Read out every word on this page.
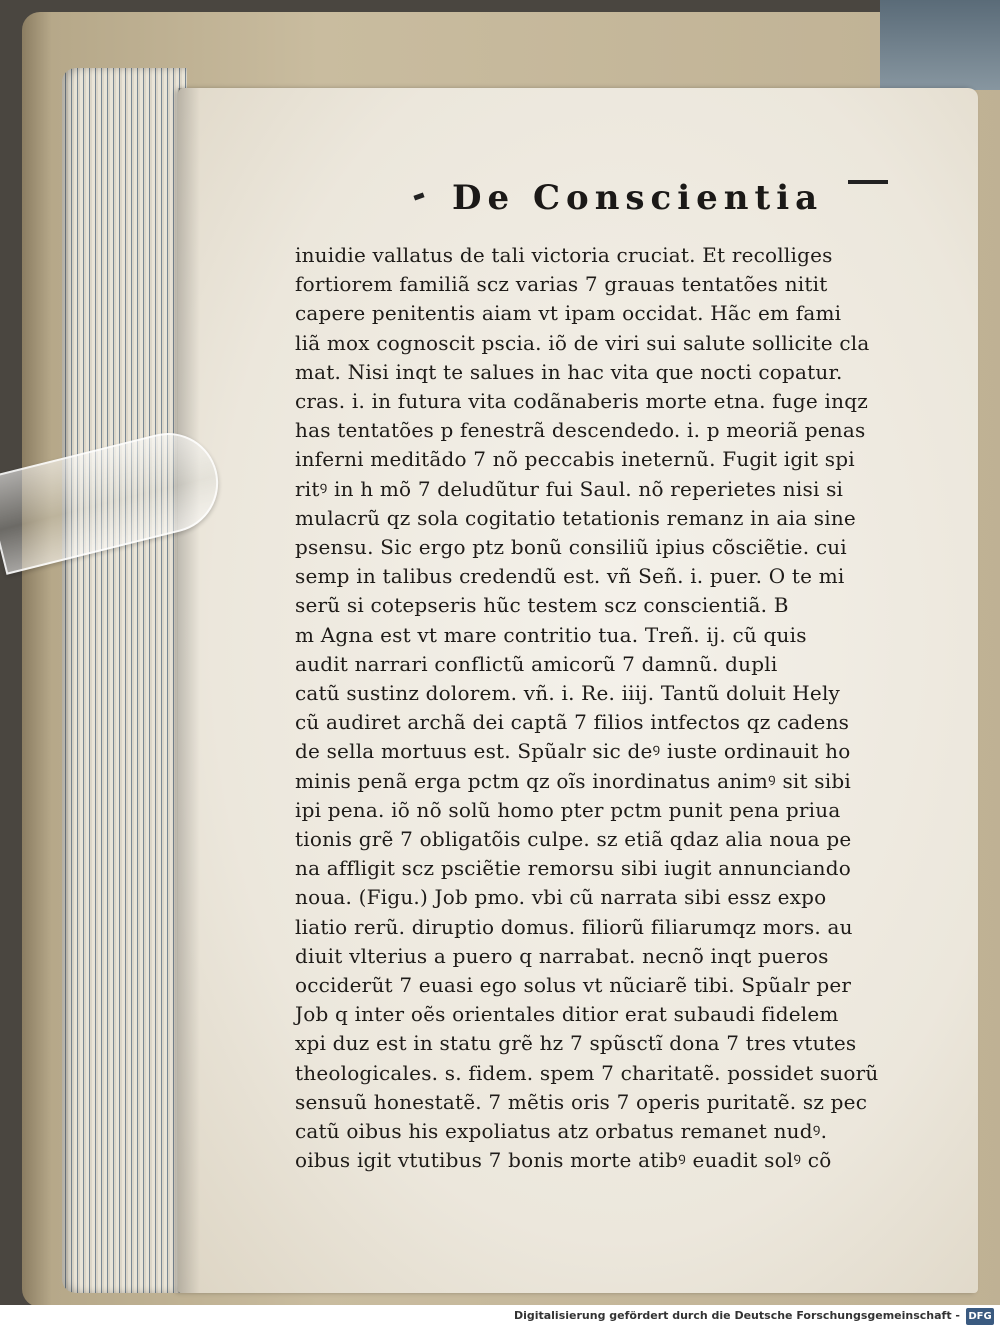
De Conscientia
inuidie vallatus de tali victoria cruciat. Et recolliges
fortiorem familiã scz varias 7 grauas tentatões nitit
capere penitentis aiam vt ipam occidat. Hãc em fami
liã mox cognoscit pscia. iõ de viri sui salute sollicite cla
mat. Nisi inqt te salues in hac vita que nocti copatur.
cras. i. in futura vita codãnaberis morte etna. fuge inqz
has tentatões p fenestrã descendedo. i. p meoriã penas
inferni meditãdo 7 nõ peccabis ineternũ. Fugit igit spi
ritꝰ in h mõ 7 deludũtur fui Saul. nõ reperietes nisi si
mulacrũ qz sola cogitatio tetationis remanz in aia sine
psensu. Sic ergo ptz bonũ consiliũ ipius cõsciẽtie. cui
semp in talibus credendũ est. vñ Señ. i. puer. O te mi
serũ si cotepseris hũc testem scz conscientiã. B
m Agna est vt mare contritio tua. Treñ. ij. cũ quis
audit narrari conflictũ amicorũ 7 damnũ. dupli
catũ sustinz dolorem. vñ. i. Re. iiij. Tantũ doluit Hely
cũ audiret archã dei captã 7 filios intfectos qz cadens
de sella mortuus est. Spũalr sic deꝰ iuste ordinauit ho
minis penã erga pctm qz oĩs inordinatus animꝰ sit sibi
ipi pena. iõ nõ solũ homo pter pctm punit pena priua
tionis grẽ 7 obligatõis culpe. sz etiã qdaz alia noua pe
na affligit scz psciẽtie remorsu sibi iugit annunciando
noua. (Figu.) Job pmo. vbi cũ narrata sibi essz expo
liatio rerũ. diruptio domus. filiorũ filiarumqz mors. au
diuit vlterius a puero q narrabat. necnõ inqt pueros
occiderũt 7 euasi ego solus vt nũciarẽ tibi. Spũalr per
Job q inter oẽs orientales ditior erat subaudi fidelem
xpi duz est in statu grẽ hz 7 spũsctĩ dona 7 tres vtutes
theologicales. s. fidem. spem 7 charitatẽ. possidet suorũ
sensuũ honestatẽ. 7 mẽtis oris 7 operis puritatẽ. sz pec
catũ oibus his expoliatus atz orbatus remanet nudꝰ.
oibus igit vtutibus 7 bonis morte atibꝰ euadit solꝰ cõ
Digitalisierung gefördert durch die Deutsche Forschungsgemeinschaft - DFG
